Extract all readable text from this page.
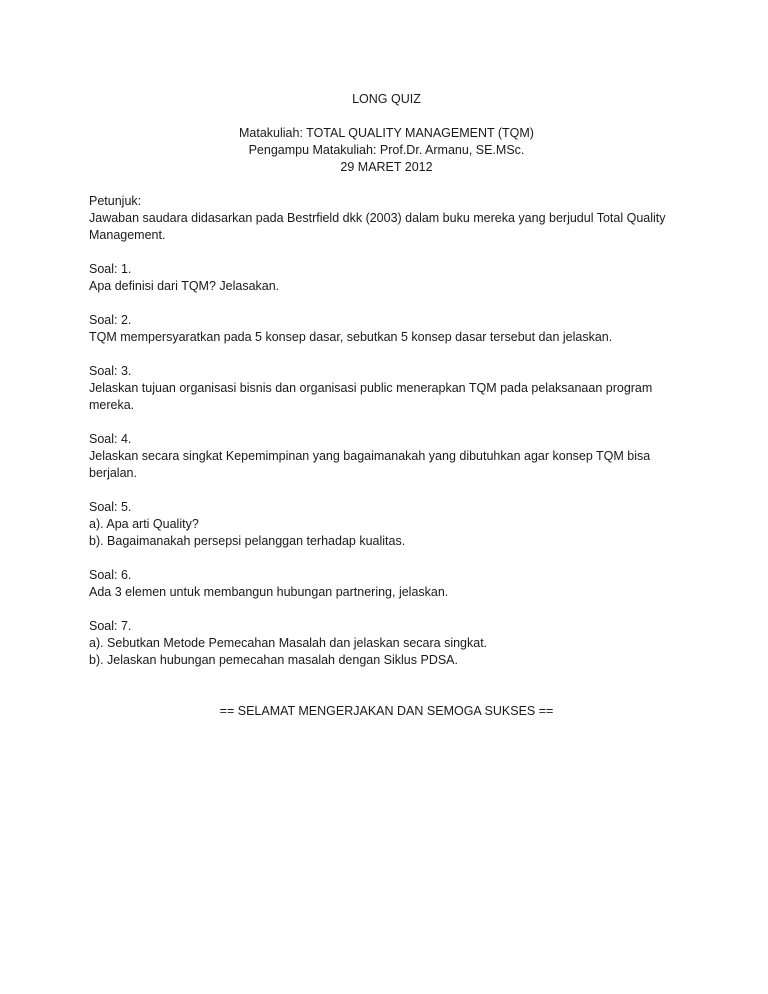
LONG QUIZ
Matakuliah: TOTAL QUALITY MANAGEMENT (TQM)
Pengampu Matakuliah: Prof.Dr. Armanu, SE.MSc.
29 MARET 2012
Petunjuk:
Jawaban saudara didasarkan pada Bestrfield dkk (2003) dalam buku mereka yang berjudul Total Quality Management.
Soal: 1.
Apa definisi dari TQM? Jelasakan.
Soal: 2.
TQM mempersyaratkan pada 5 konsep dasar, sebutkan 5 konsep dasar tersebut dan jelaskan.
Soal: 3.
Jelaskan tujuan organisasi bisnis dan organisasi public menerapkan TQM pada pelaksanaan program mereka.
Soal: 4.
Jelaskan secara singkat Kepemimpinan yang bagaimanakah yang dibutuhkan agar konsep TQM bisa berjalan.
Soal: 5.
a). Apa arti Quality?
b). Bagaimanakah persepsi pelanggan terhadap kualitas.
Soal: 6.
Ada 3 elemen untuk membangun hubungan partnering, jelaskan.
Soal: 7.
a). Sebutkan Metode Pemecahan Masalah dan jelaskan secara singkat.
b). Jelaskan hubungan pemecahan masalah dengan Siklus PDSA.
== SELAMAT MENGERJAKAN DAN SEMOGA SUKSES ==
